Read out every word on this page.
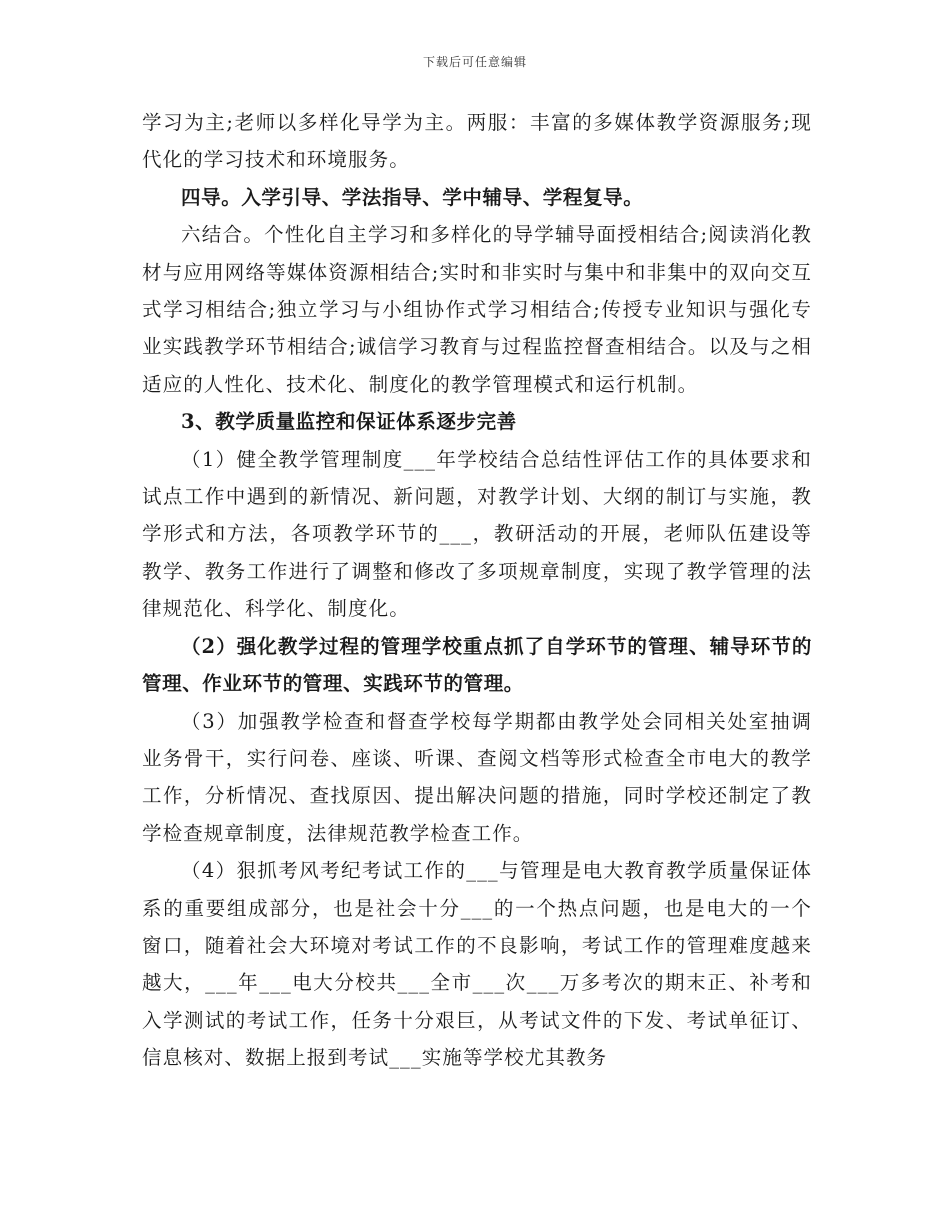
下载后可任意编辑

学习为主;老师以多样化导学为主。两服：丰富的多媒体教学资源服务;现代化的学习技术和环境服务。

四导。入学引导、学法指导、学中辅导、学程复导。

六结合。个性化自主学习和多样化的导学辅导面授相结合;阅读消化教材与应用网络等媒体资源相结合;实时和非实时与集中和非集中的双向交互式学习相结合;独立学习与小组协作式学习相结合;传授专业知识与强化专业实践教学环节相结合;诚信学习教育与过程监控督查相结合。以及与之相适应的人性化、技术化、制度化的教学管理模式和运行机制。

3、教学质量监控和保证体系逐步完善

（1）健全教学管理制度___年学校结合总结性评估工作的具体要求和试点工作中遇到的新情况、新问题，对教学计划、大纲的制订与实施，教学形式和方法，各项教学环节的___，教研活动的开展，老师队伍建设等教学、教务工作进行了调整和修改了多项规章制度，实现了教学管理的法律规范化、科学化、制度化。

（2）强化教学过程的管理学校重点抓了自学环节的管理、辅导环节的管理、作业环节的管理、实践环节的管理。

（3）加强教学检查和督查学校每学期都由教学处会同相关处室抽调业务骨干，实行问卷、座谈、听课、查阅文档等形式检查全市电大的教学工作，分析情况、查找原因、提出解决问题的措施，同时学校还制定了教学检查规章制度，法律规范教学检查工作。

（4）狠抓考风考纪考试工作的___与管理是电大教育教学质量保证体系的重要组成部分，也是社会十分___的一个热点问题，也是电大的一个窗口，随着社会大环境对考试工作的不良影响，考试工作的管理难度越来越大，___年___电大分校共___全市___次___万多考次的期末正、补考和入学测试的考试工作，任务十分艰巨，从考试文件的下发、考试单征订、信息核对、数据上报到考试___实施等学校尤其教务
